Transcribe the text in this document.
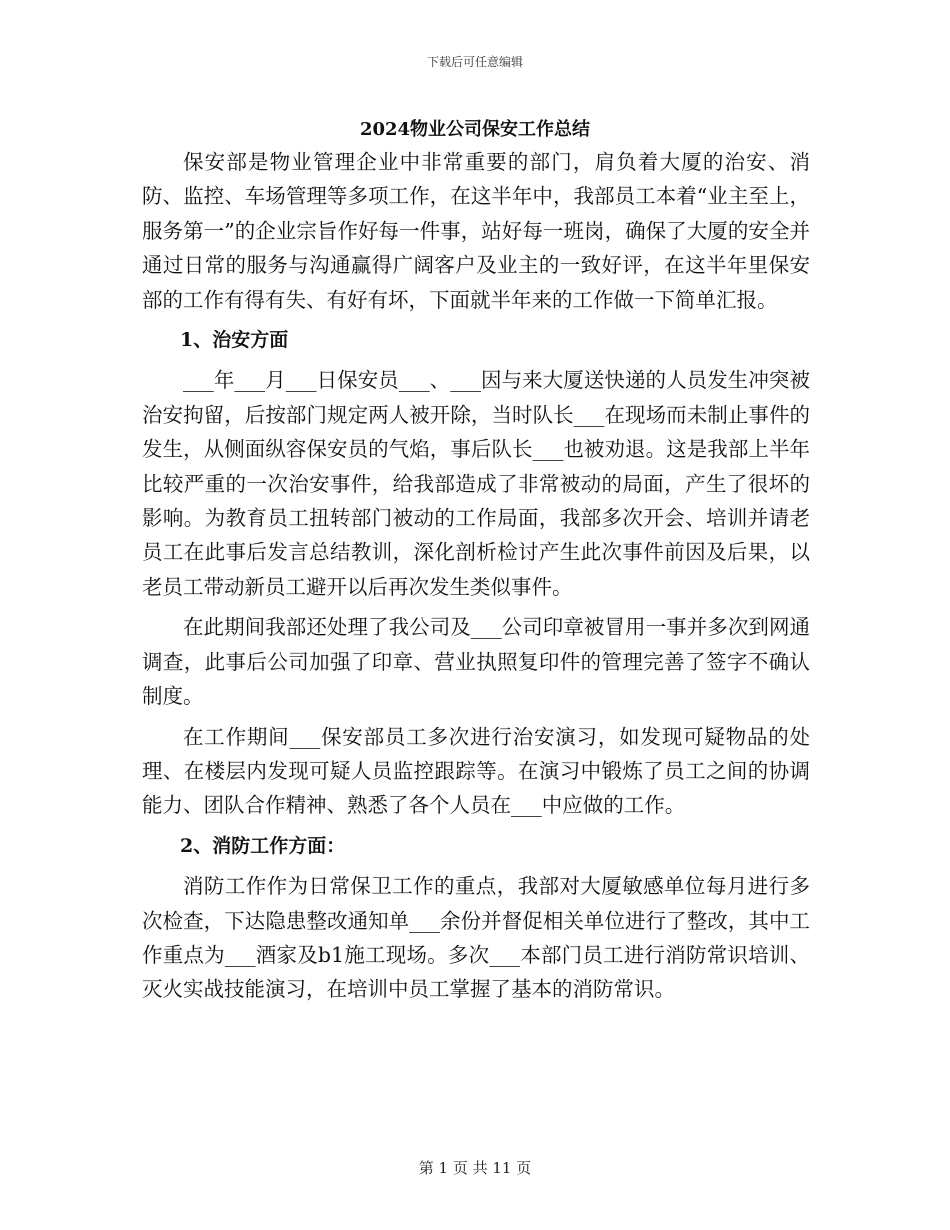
下载后可任意编辑
2024物业公司保安工作总结

保安部是物业管理企业中非常重要的部门，肩负着大厦的治安、消防、监控、车场管理等多项工作，在这半年中，我部员工本着“业主至上，服务第一”的企业宗旨作好每一件事，站好每一班岗，确保了大厦的安全并通过日常的服务与沟通赢得广阔客户及业主的一致好评，在这半年里保安部的工作有得有失、有好有坏，下面就半年来的工作做一下简单汇报。

1、治安方面

___年___月___日保安员___、___因与来大厦送快递的人员发生冲突被治安拘留，后按部门规定两人被开除，当时队长___在现场而未制止事件的发生，从侧面纵容保安员的气焰，事后队长___也被劝退。这是我部上半年比较严重的一次治安事件，给我部造成了非常被动的局面，产生了很坏的影响。为教育员工扭转部门被动的工作局面，我部多次开会、培训并请老员工在此事后发言总结教训，深化剖析检讨产生此次事件前因及后果，以老员工带动新员工避开以后再次发生类似事件。

在此期间我部还处理了我公司及___公司印章被冒用一事并多次到网通调查，此事后公司加强了印章、营业执照复印件的管理完善了签字不确认制度。

在工作期间___保安部员工多次进行治安演习，如发现可疑物品的处理、在楼层内发现可疑人员监控跟踪等。在演习中锻炼了员工之间的协调能力、团队合作精神、熟悉了各个人员在___中应做的工作。

2、消防工作方面：

消防工作作为日常保卫工作的重点，我部对大厦敏感单位每月进行多次检查，下达隐患整改通知单___余份并督促相关单位进行了整改，其中工作重点为___酒家及b1施工现场。多次___本部门员工进行消防常识培训、灭火实战技能演习，在培训中员工掌握了基本的消防常识。

第 1 页 共 11 页
